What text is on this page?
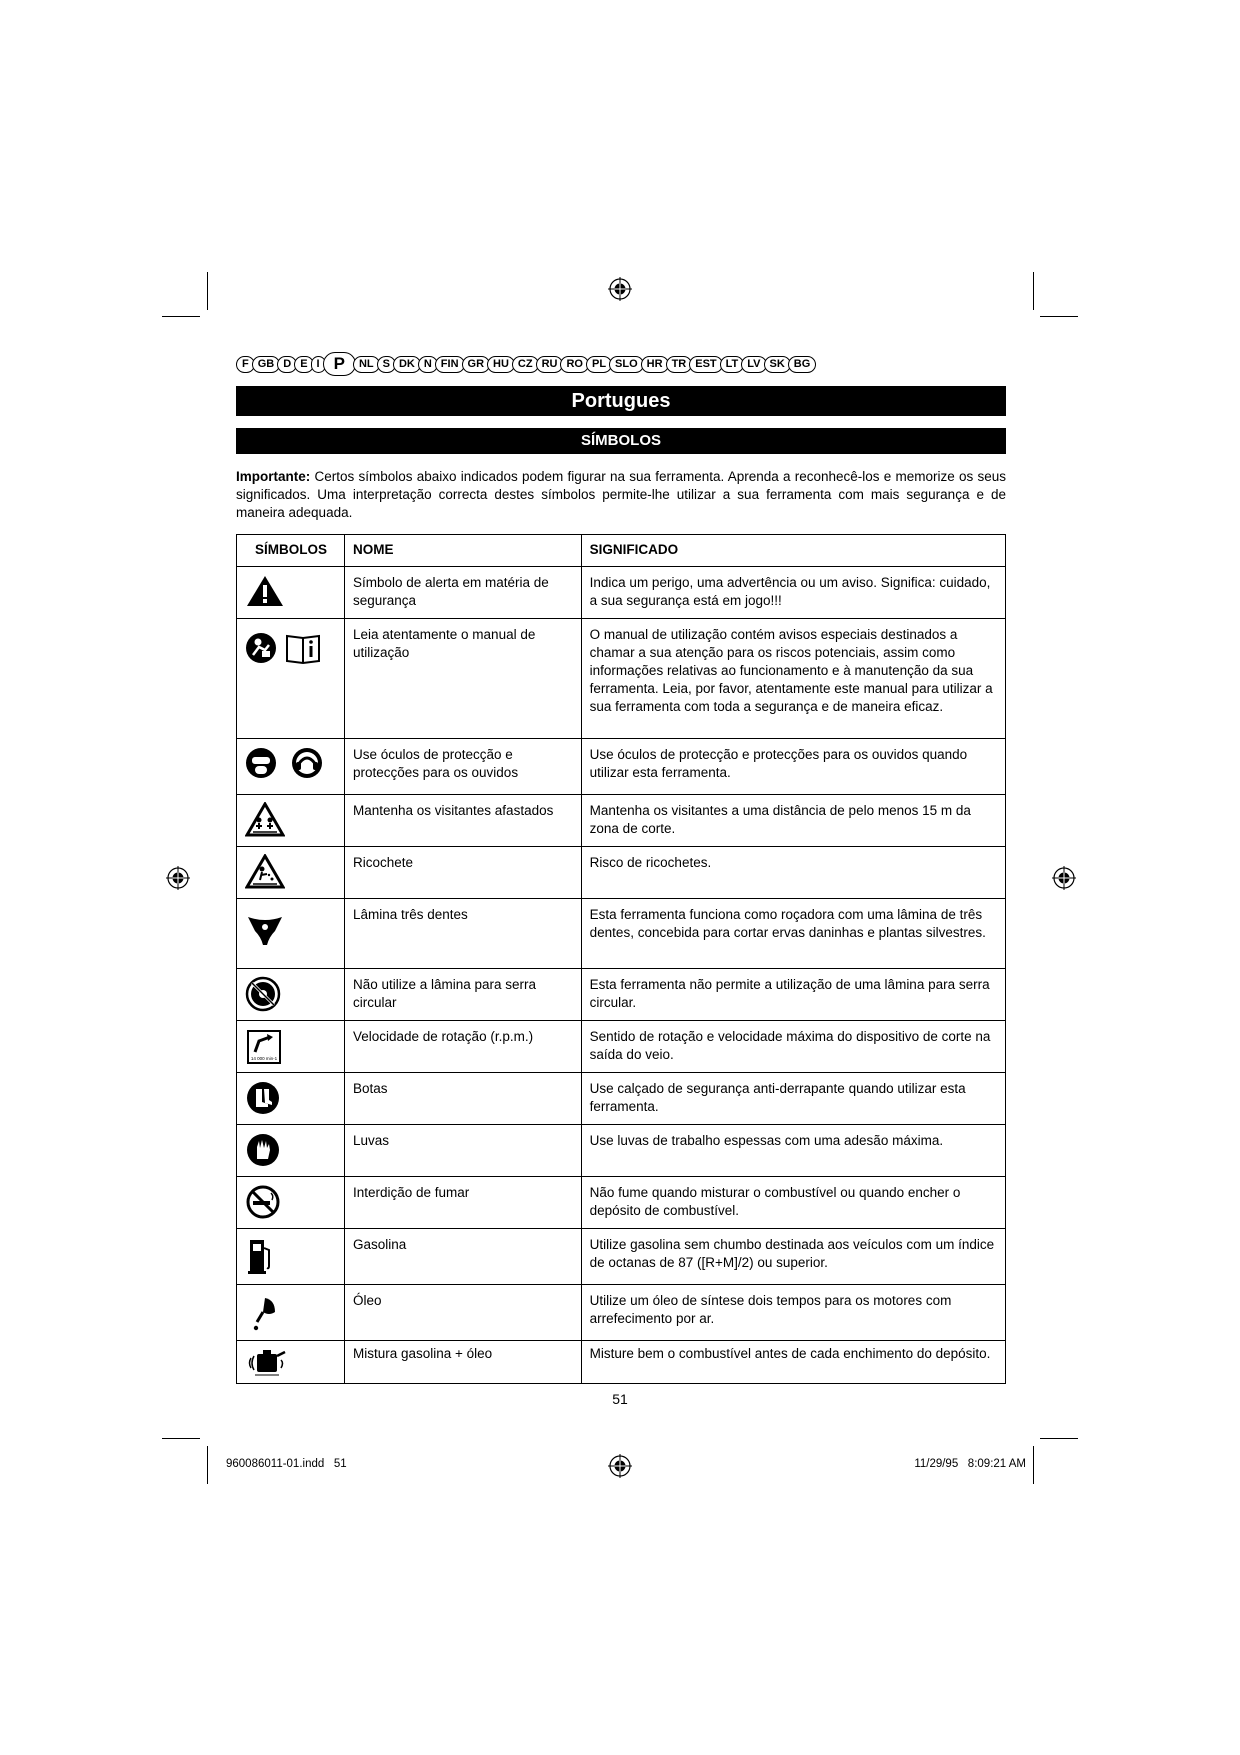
F GB D E I P	NL S DK N FIN GR HU CZ RU RO PL SLO HR TR EST LT LV SK BG
Portugues
SÍMBOLOS
Importante: Certos símbolos abaixo indicados podem figurar na sua ferramenta. Aprenda a reconhecê-los e memorize os seus significados. Uma interpretação correcta destes símbolos permite-lhe utilizar a sua ferramenta com mais segurança e de maneira adequada.
SÍMBOLOS	NOME	SIGNIFICADO
	Símbolo de alerta em matéria de segurança	Indica um perigo, uma advertência ou um aviso. Significa: cuidado, a sua segurança está em jogo!!!
	Leia atentamente o manual de utilização	O manual de utilização contém avisos especiais destinados a chamar a sua atenção para os riscos potenciais, assim como informações relativas ao funcionamento e à manutenção da sua ferramenta. Leia, por favor, atentamente este manual para utilizar a sua ferramenta com toda a segurança e de maneira eficaz.
	Use óculos de protecção e protecções para os ouvidos	Use óculos de protecção e protecções para os ouvidos quando utilizar esta ferramenta.
	Mantenha os visitantes afastados	Mantenha os visitantes a uma distância de pelo menos 15 m da zona de corte.
	Ricochete	Risco de ricochetes.
	Lâmina três dentes	Esta ferramenta funciona como roçadora com uma lâmina de três dentes, concebida para cortar ervas daninhas e plantas silvestres.
	Não utilize a lâmina para serra circular	Esta ferramenta não permite a utilização de uma lâmina para serra circular.

14 000 min-1	Velocidade de rotação (r.p.m.)	Sentido de rotação e velocidade máxima do dispositivo de corte na saída do veio.
	Botas	Use calçado de segurança anti-derrapante quando utilizar esta ferramenta.
	Luvas	Use luvas de trabalho espessas com uma adesão máxima.
	Interdição de fumar	Não fume quando misturar o combustível ou quando encher o depósito de combustível.
	Gasolina	Utilize gasolina sem chumbo destinada aos veículos com um índice de octanas de 87 ([R+M]/2) ou superior.
	Óleo	Utilize um óleo de síntese dois tempos para os motores com arrefecimento por ar.
	Mistura gasolina + óleo	Misture bem o combustível antes de cada enchimento do depósito.
51
960086011-01.indd   51	11/29/95   8:09:21 AM
